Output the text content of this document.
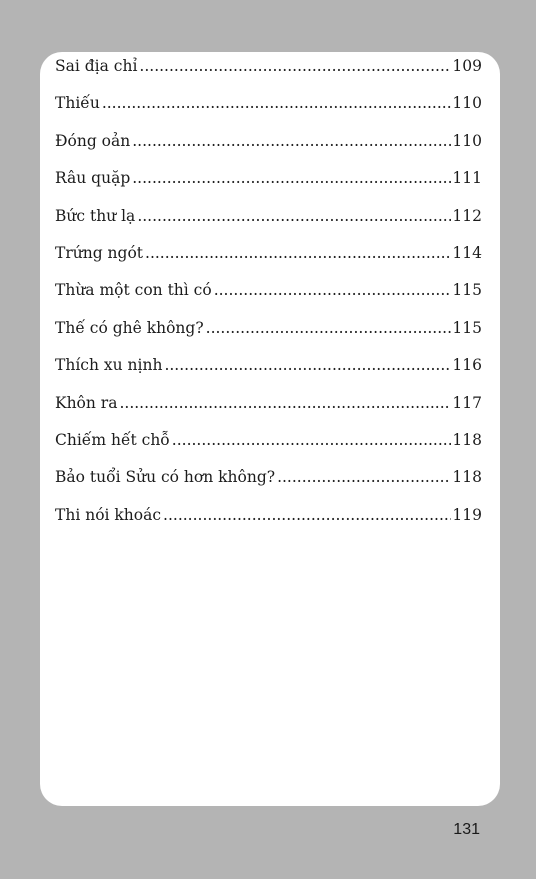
Sai địa chỉ .....	109
Thiếu .....	110
Đóng oản .....	110
Râu quặp .....	111
Bức thư lạ .....	112
Trứng ngót .....	114
Thừa một con thì có .....	115
Thế có ghê không? .....	115
Thích xu nịnh .....	116
Khôn ra .....	117
Chiếm hết chỗ .....	118
Bảo tuổi Sửu có hơn không? .....	118
Thi nói khoác .....	119
131
